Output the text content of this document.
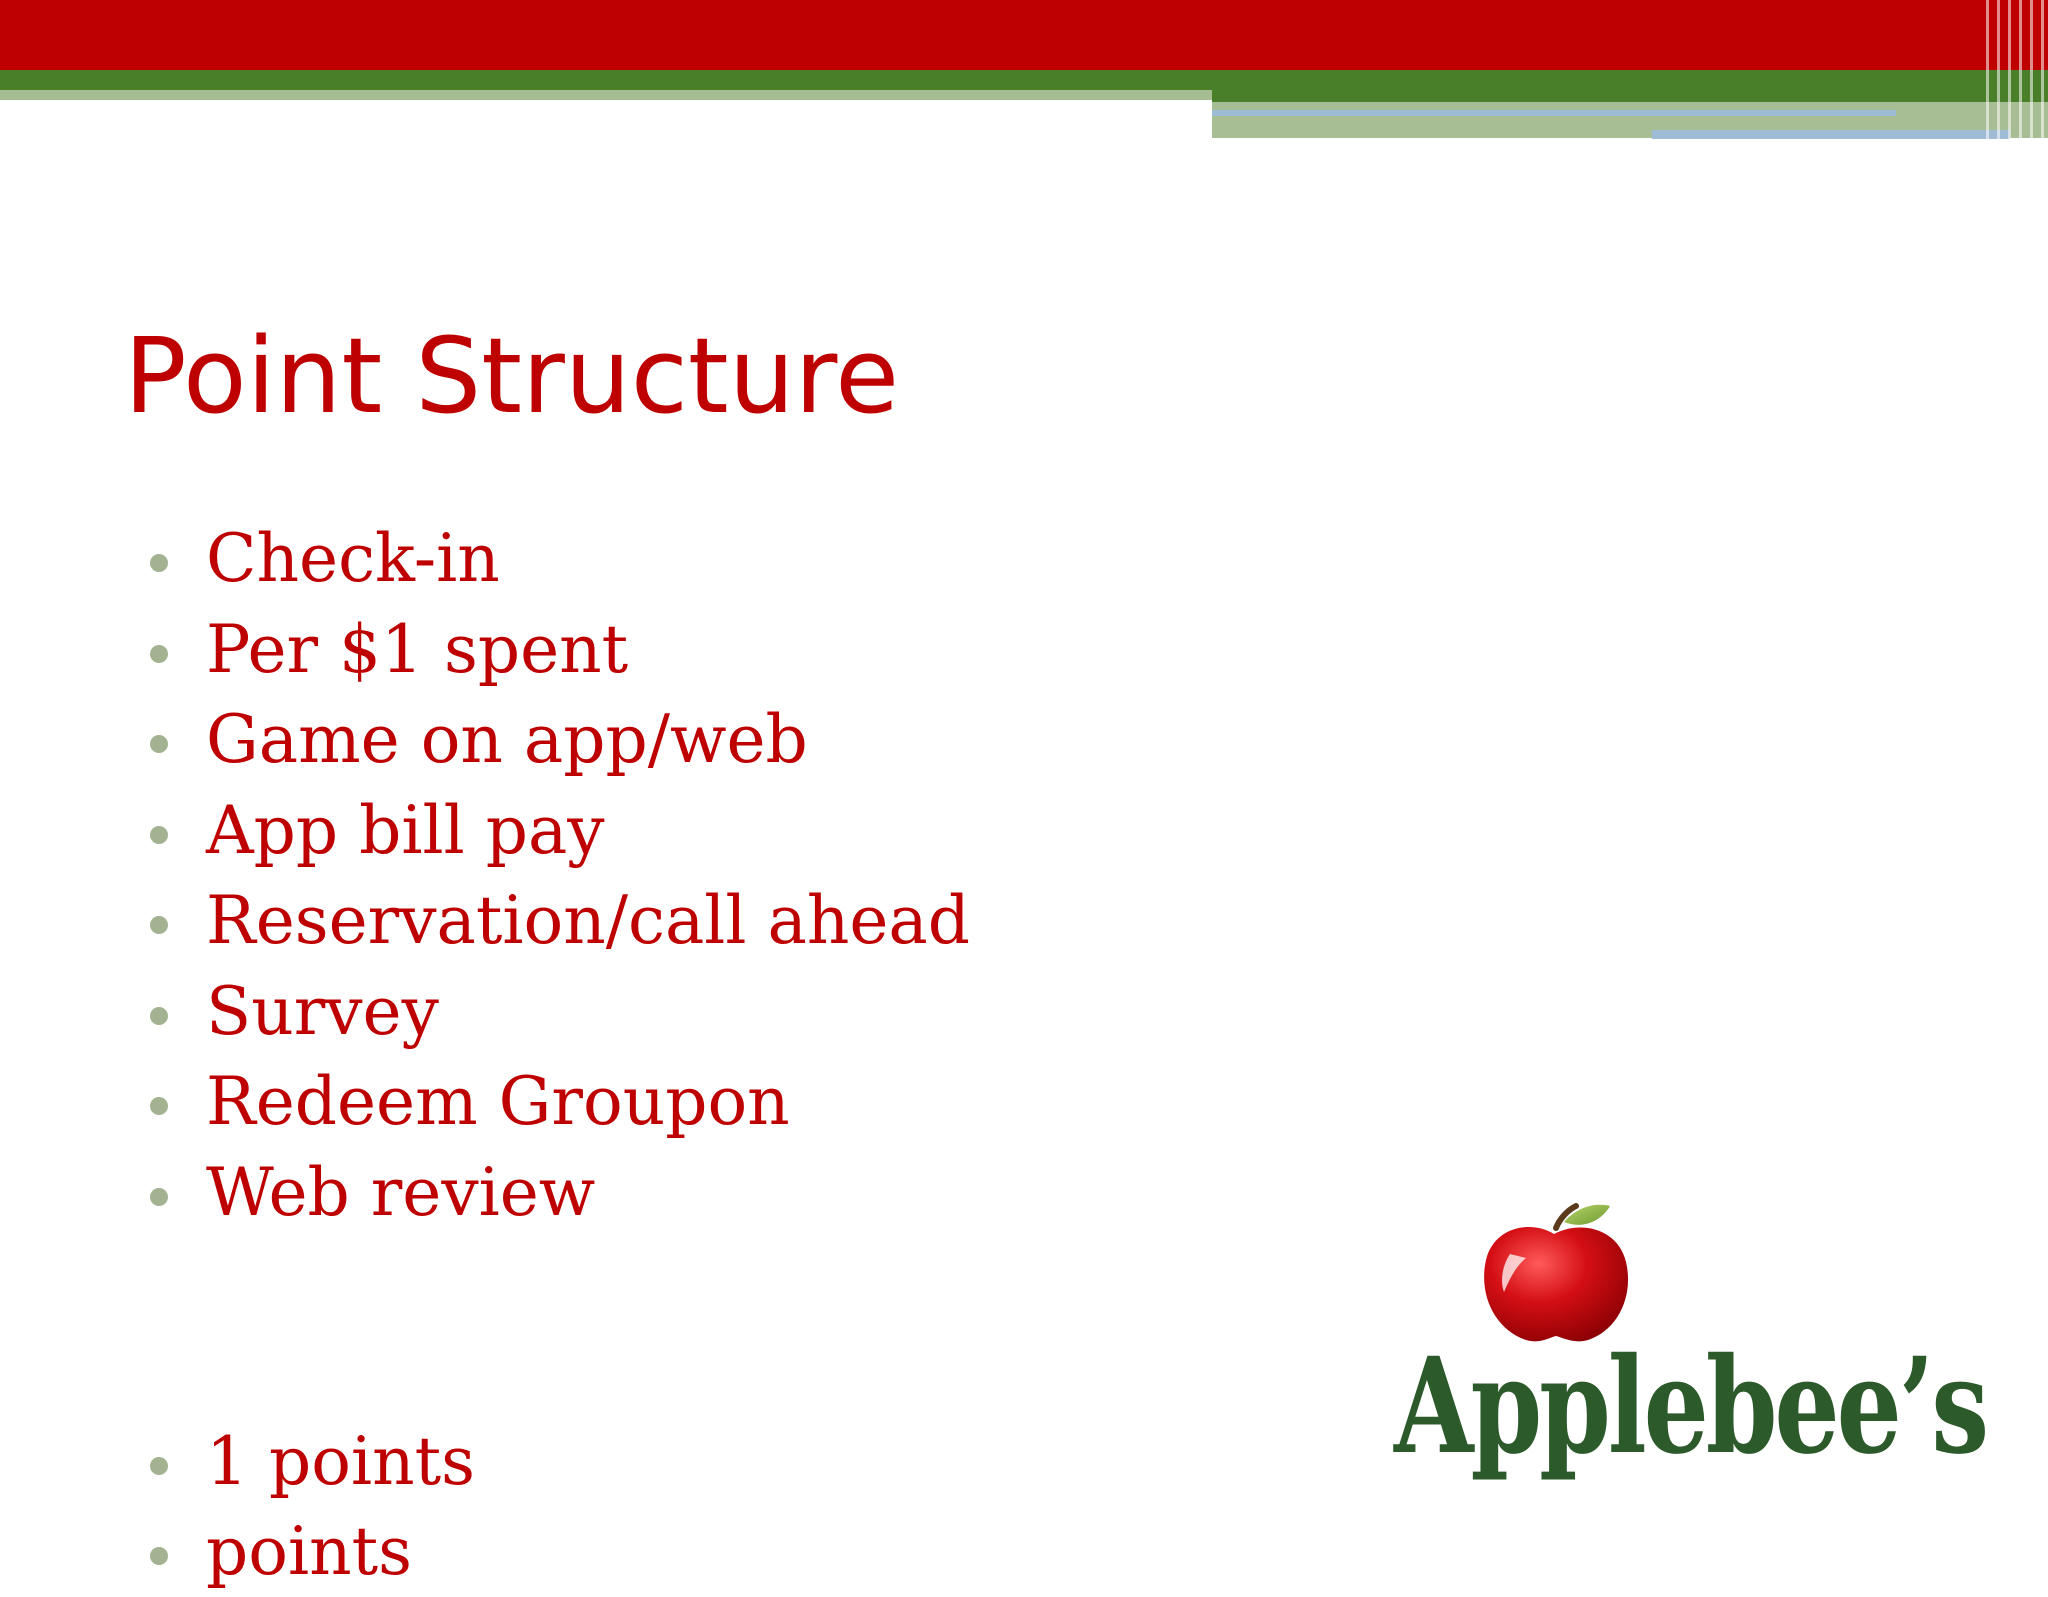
Point Structure
Check-in
Per $1 spent
Game on app/web
App bill pay
Reservation/call ahead
Survey
Redeem Groupon
Web review
1 points
points
Applebee’s
